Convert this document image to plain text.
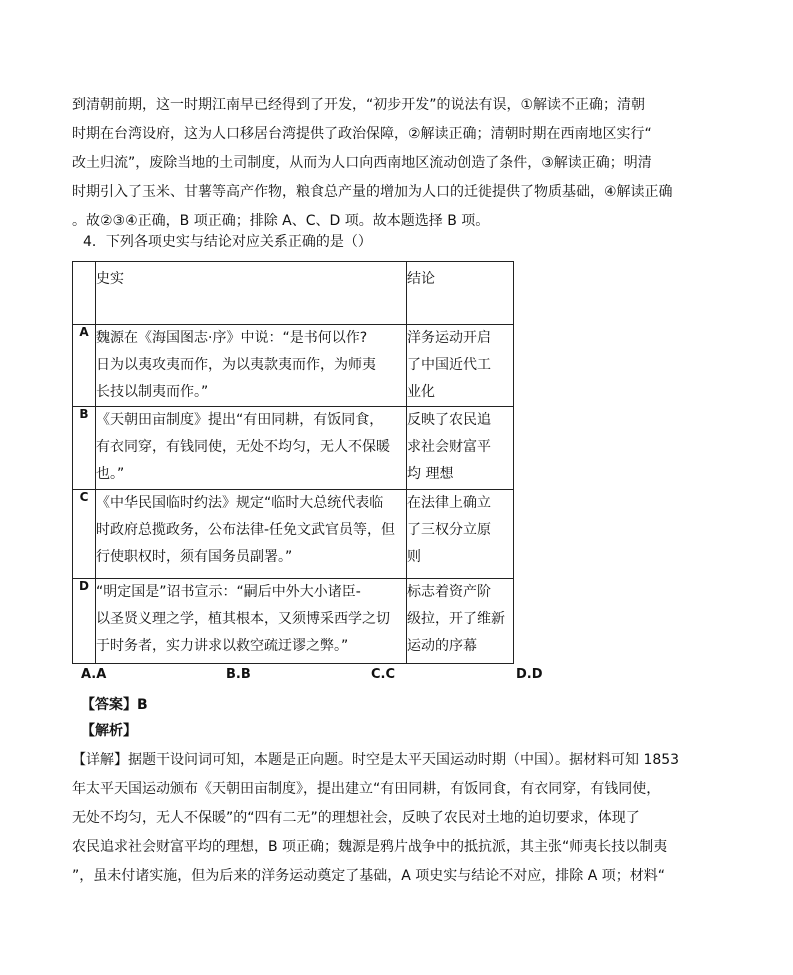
到清朝前期，这一时期江南早已经得到了开发，“初步开发”的说法有误，①解读不正确；清朝
时期在台湾设府，这为人口移居台湾提供了政治保障，②解读正确；清朝时期在西南地区实行“
改土归流”，废除当地的土司制度，从而为人口向西南地区流动创造了条件，③解读正确；明清
时期引入了玉米、甘薯等高产作物，粮食总产量的增加为人口的迁徙提供了物质基础，④解读正确
。故②③④正确，B 项正确；排除 A、C、D 项。故本题选择 B 项。
4．下列各项史实与结论对应关系正确的是（）

	史实	结论

A	魏源在《海国图志·序》中说：“是书何以作?
日为以夷攻夷而作，为以夷款夷而作，为师夷
长技以制夷而作。”	洋务运动开启
了中国近代工
业化

B	《天朝田亩制度》提出“有田同耕，有饭同食，
有衣同穿，有钱同使，无处不均匀，无人不保暖
也。”	反映了农民追
求社会财富平
均 理想

C	《中华民国临时约法》规定“临时大总统代表临
时政府总揽政务，公布法律-任免文武官员等，但
行使职权时，须有国务员副署。”	在法律上确立
了三权分立原
则

D	“明定国是”诏书宣示：“嗣后中外大小诸臣-
以圣贤义理之学，植其根本，又须博采西学之切
于时务者，实力讲求以救空疏迂谬之弊。”	标志着资产阶
级拉，开了维新
运动的序幕
A.A	B.B	C.C	D.D
【答案】B
【解析】
【详解】据题干设问词可知，本题是正向题。时空是太平天国运动时期（中国）。据材料可知 1853
年太平天国运动颁布《天朝田亩制度》，提出建立“有田同耕，有饭同食，有衣同穿，有钱同使，
无处不均匀，无人不保暖”的“四有二无”的理想社会，反映了农民对土地的迫切要求，体现了
农民追求社会财富平均的理想，B 项正确；魏源是鸦片战争中的抵抗派，其主张“师夷长技以制夷
”，虽未付诸实施，但为后来的洋务运动奠定了基础，A 项史实与结论不对应，排除 A 项；材料“
